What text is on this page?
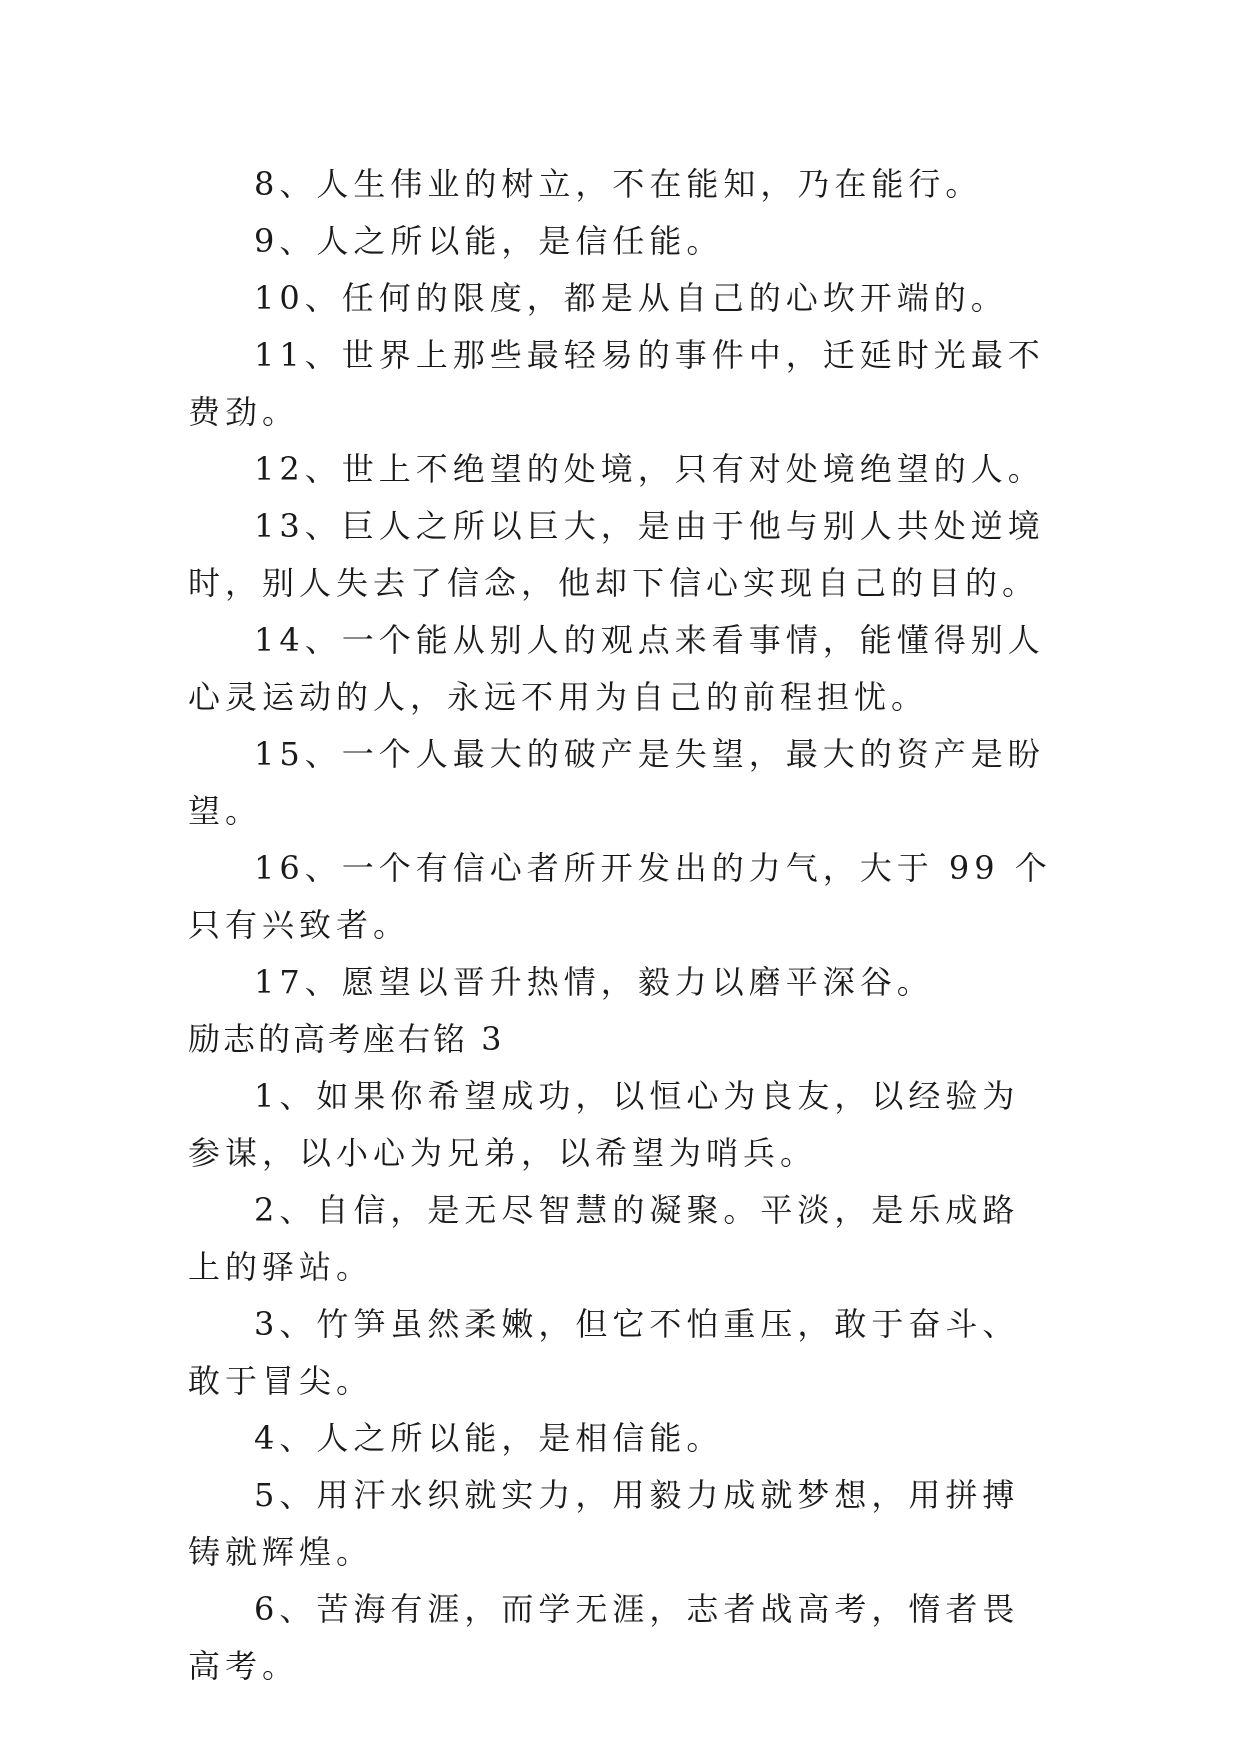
8、人生伟业的树立，不在能知，乃在能行。

9、人之所以能，是信任能。

10、任何的限度，都是从自己的心坎开端的。

11、世界上那些最轻易的事件中，迁延时光最不费劲。

12、世上不绝望的处境，只有对处境绝望的人。

13、巨人之所以巨大，是由于他与别人共处逆境时，别人失去了信念，他却下信心实现自己的目的。

14、一个能从别人的观点来看事情，能懂得别人心灵运动的人，永远不用为自己的前程担忧。

15、一个人最大的破产是失望，最大的资产是盼望。

16、一个有信心者所开发出的力气，大于 99 个只有兴致者。

17、愿望以晋升热情，毅力以磨平深谷。

励志的高考座右铭 3

1、如果你希望成功，以恒心为良友，以经验为参谋，以小心为兄弟，以希望为哨兵。

2、自信，是无尽智慧的凝聚。平淡，是乐成路上的驿站。

3、竹笋虽然柔嫩，但它不怕重压，敢于奋斗、敢于冒尖。

4、人之所以能，是相信能。

5、用汗水织就实力，用毅力成就梦想，用拼搏铸就辉煌。

6、苦海有涯，而学无涯，志者战高考，惰者畏高考。
